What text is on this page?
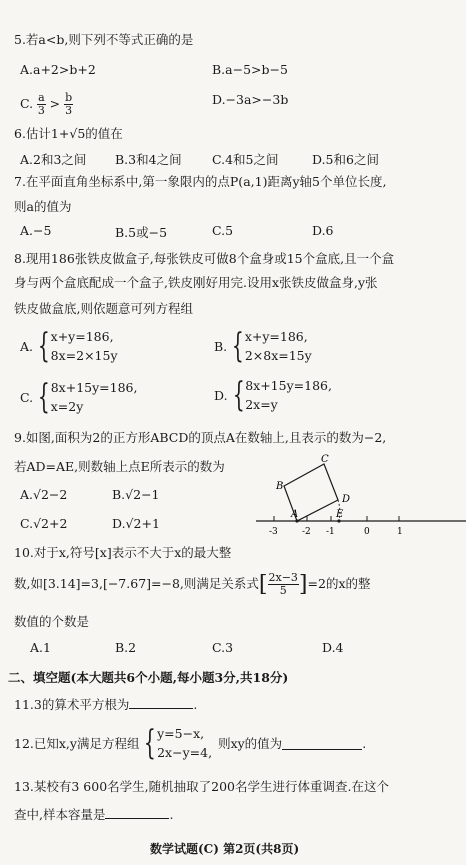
5.若a<b,则下列不等式正确的是
A.a+2>b+2	B.a−5>b−5
C. $\frac{a}{3} > \frac{b}{3}$	D.−3a>−3b
6.估计1+√5的值在
A.2和3之间 B.3和4之间 C.4和5之间	D.5和6之间
7.在平面直角坐标系中,第一象限内的点P(a,1)距离y轴5个单位长度,
则a的值为
A.−5	B.5或−5	C.5	D.6
8.现用186张铁皮做盒子,每张铁皮可做8个盒身或15个盒底,且一个盒
身与两个盒底配成一个盒子,铁皮刚好用完.设用x张铁皮做盒身,y张
铁皮做盒底,则依题意可列方程组
A. { x+y=186,
8x=2×15y
B. { x+y=186,
2×8x=15y
C. { 8x+15y=186,
x=2y
D. { 8x+15y=186,
2x=y
9.如图,面积为2的正方形ABCD的顶点A在数轴上,且表示的数为−2,
若AD=AE,则数轴上点E所表示的数为
A.√2−2	B.√2−1
C.√2+2	D.√2+1
A
B
C
D
E
-3	-2 -1	0	1
10.对于x,符号[x]表示不大于x的最大整
数,如[3.14]=3,[−7.67]=−8,则满足关系式[ $\frac{2x-3}{5} ]=2$的x的整
数值的个数是
A.1	B.2	C.3	D.4
二、填空题(本大题共6个小题,每小题3分,共18分)
11.3的算术平方根为	.
12.已知x,y满足方程组 { y=5−x,
2x−y=4,
则xy的值为	.
13.某校有3 600名学生,随机抽取了200名学生进行体重调查.在这个
查中,样本容量是	.
数学试题(C) 第2页(共8页)
